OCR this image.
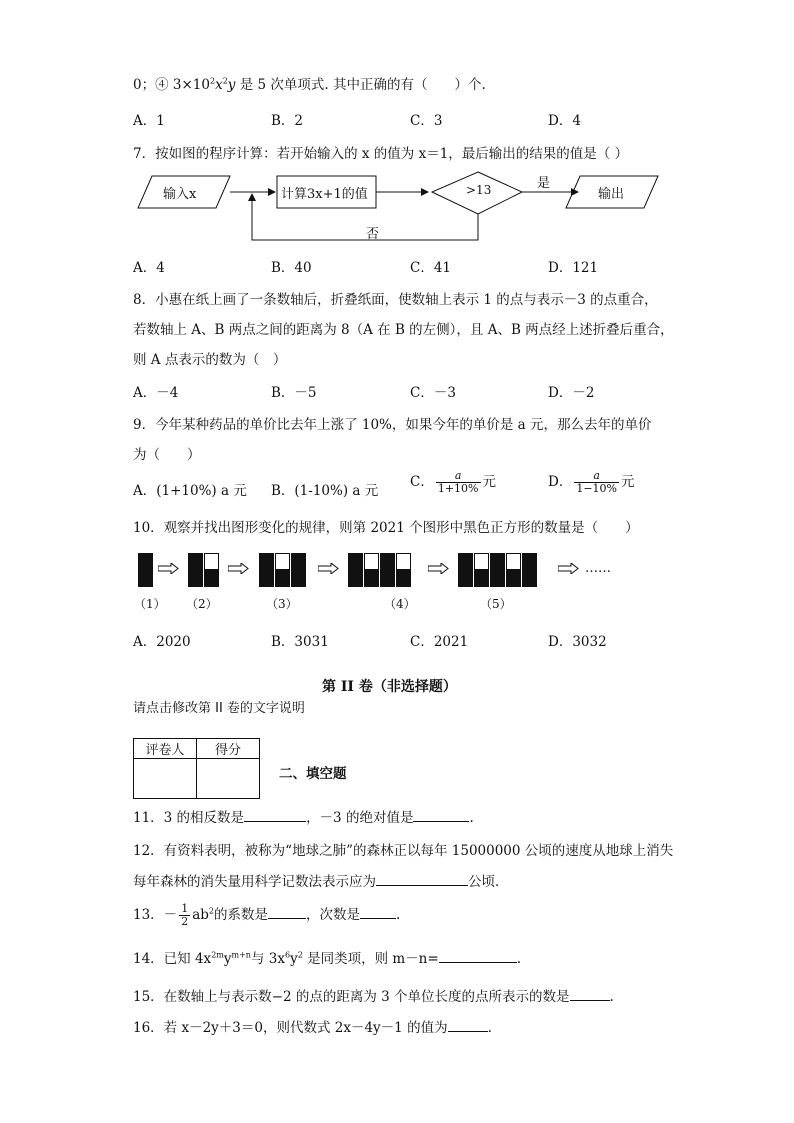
0；④ $3\times 10^2x^2y$ 是 5 次单项式. 其中正确的有（　　）个.
A．1	B．2	C．3	D．4
7．按如图的程序计算：若开始输入的 x 的值为 x＝1，最后输出的结果的值是（ ）
输入x	计算3x+1的值	>13	是
输出
否
A．4	B．40	C．41	D．121
8．小惠在纸上画了一条数轴后，折叠纸面，使数轴上表示 1 的点与表示－3 的点重合，
若数轴上 A、B 两点之间的距离为 8（A 在 B 的左侧），且 A、B 两点经上述折叠后重合，
则 A 点表示的数为（　）
A．－4	B．－5	C．－3	D．－2
9．今年某种药品的单价比去年上涨了 10%，如果今年的单价是 a 元，那么去年的单价
为（　　）
A．(1+10%) a 元 B．(1-10%) a 元
C． $\frac{a}{1+10\%}$ 元	D． $\frac{a}{1-10\%}$ 元
10．观察并找出图形变化的规律，则第 2021 个图形中黑色正方形的数量是（　　）
……
（1） （2）	（3）	（4）	（5）
A．2020	B．3031	C．2021	D．3032
第 II 卷（非选择题）
请点击修改第 II 卷的文字说明
评卷人	得分

二、填空题
11．3 的相反数是	，－3 的绝对值是	.
12．有资料表明，被称为“地球之肺”的森林正以每年 15000000 公顷的速度从地球上消失
每年森林的消失量用科学记数法表示应为	公顷．
13．－ $\frac{1}{2} ab^2$的系数是	，次数是	.
14．已知 $4x^{2m}y^{m+n}$与 $3x^6y^2$ 是同类项，则 m－n=	.
15．在数轴上与表示数−2 的点的距离为 3 个单位长度的点所表示的数是	.
16．若 x－2y＋3＝0，则代数式 2x－4y－1 的值为	.
